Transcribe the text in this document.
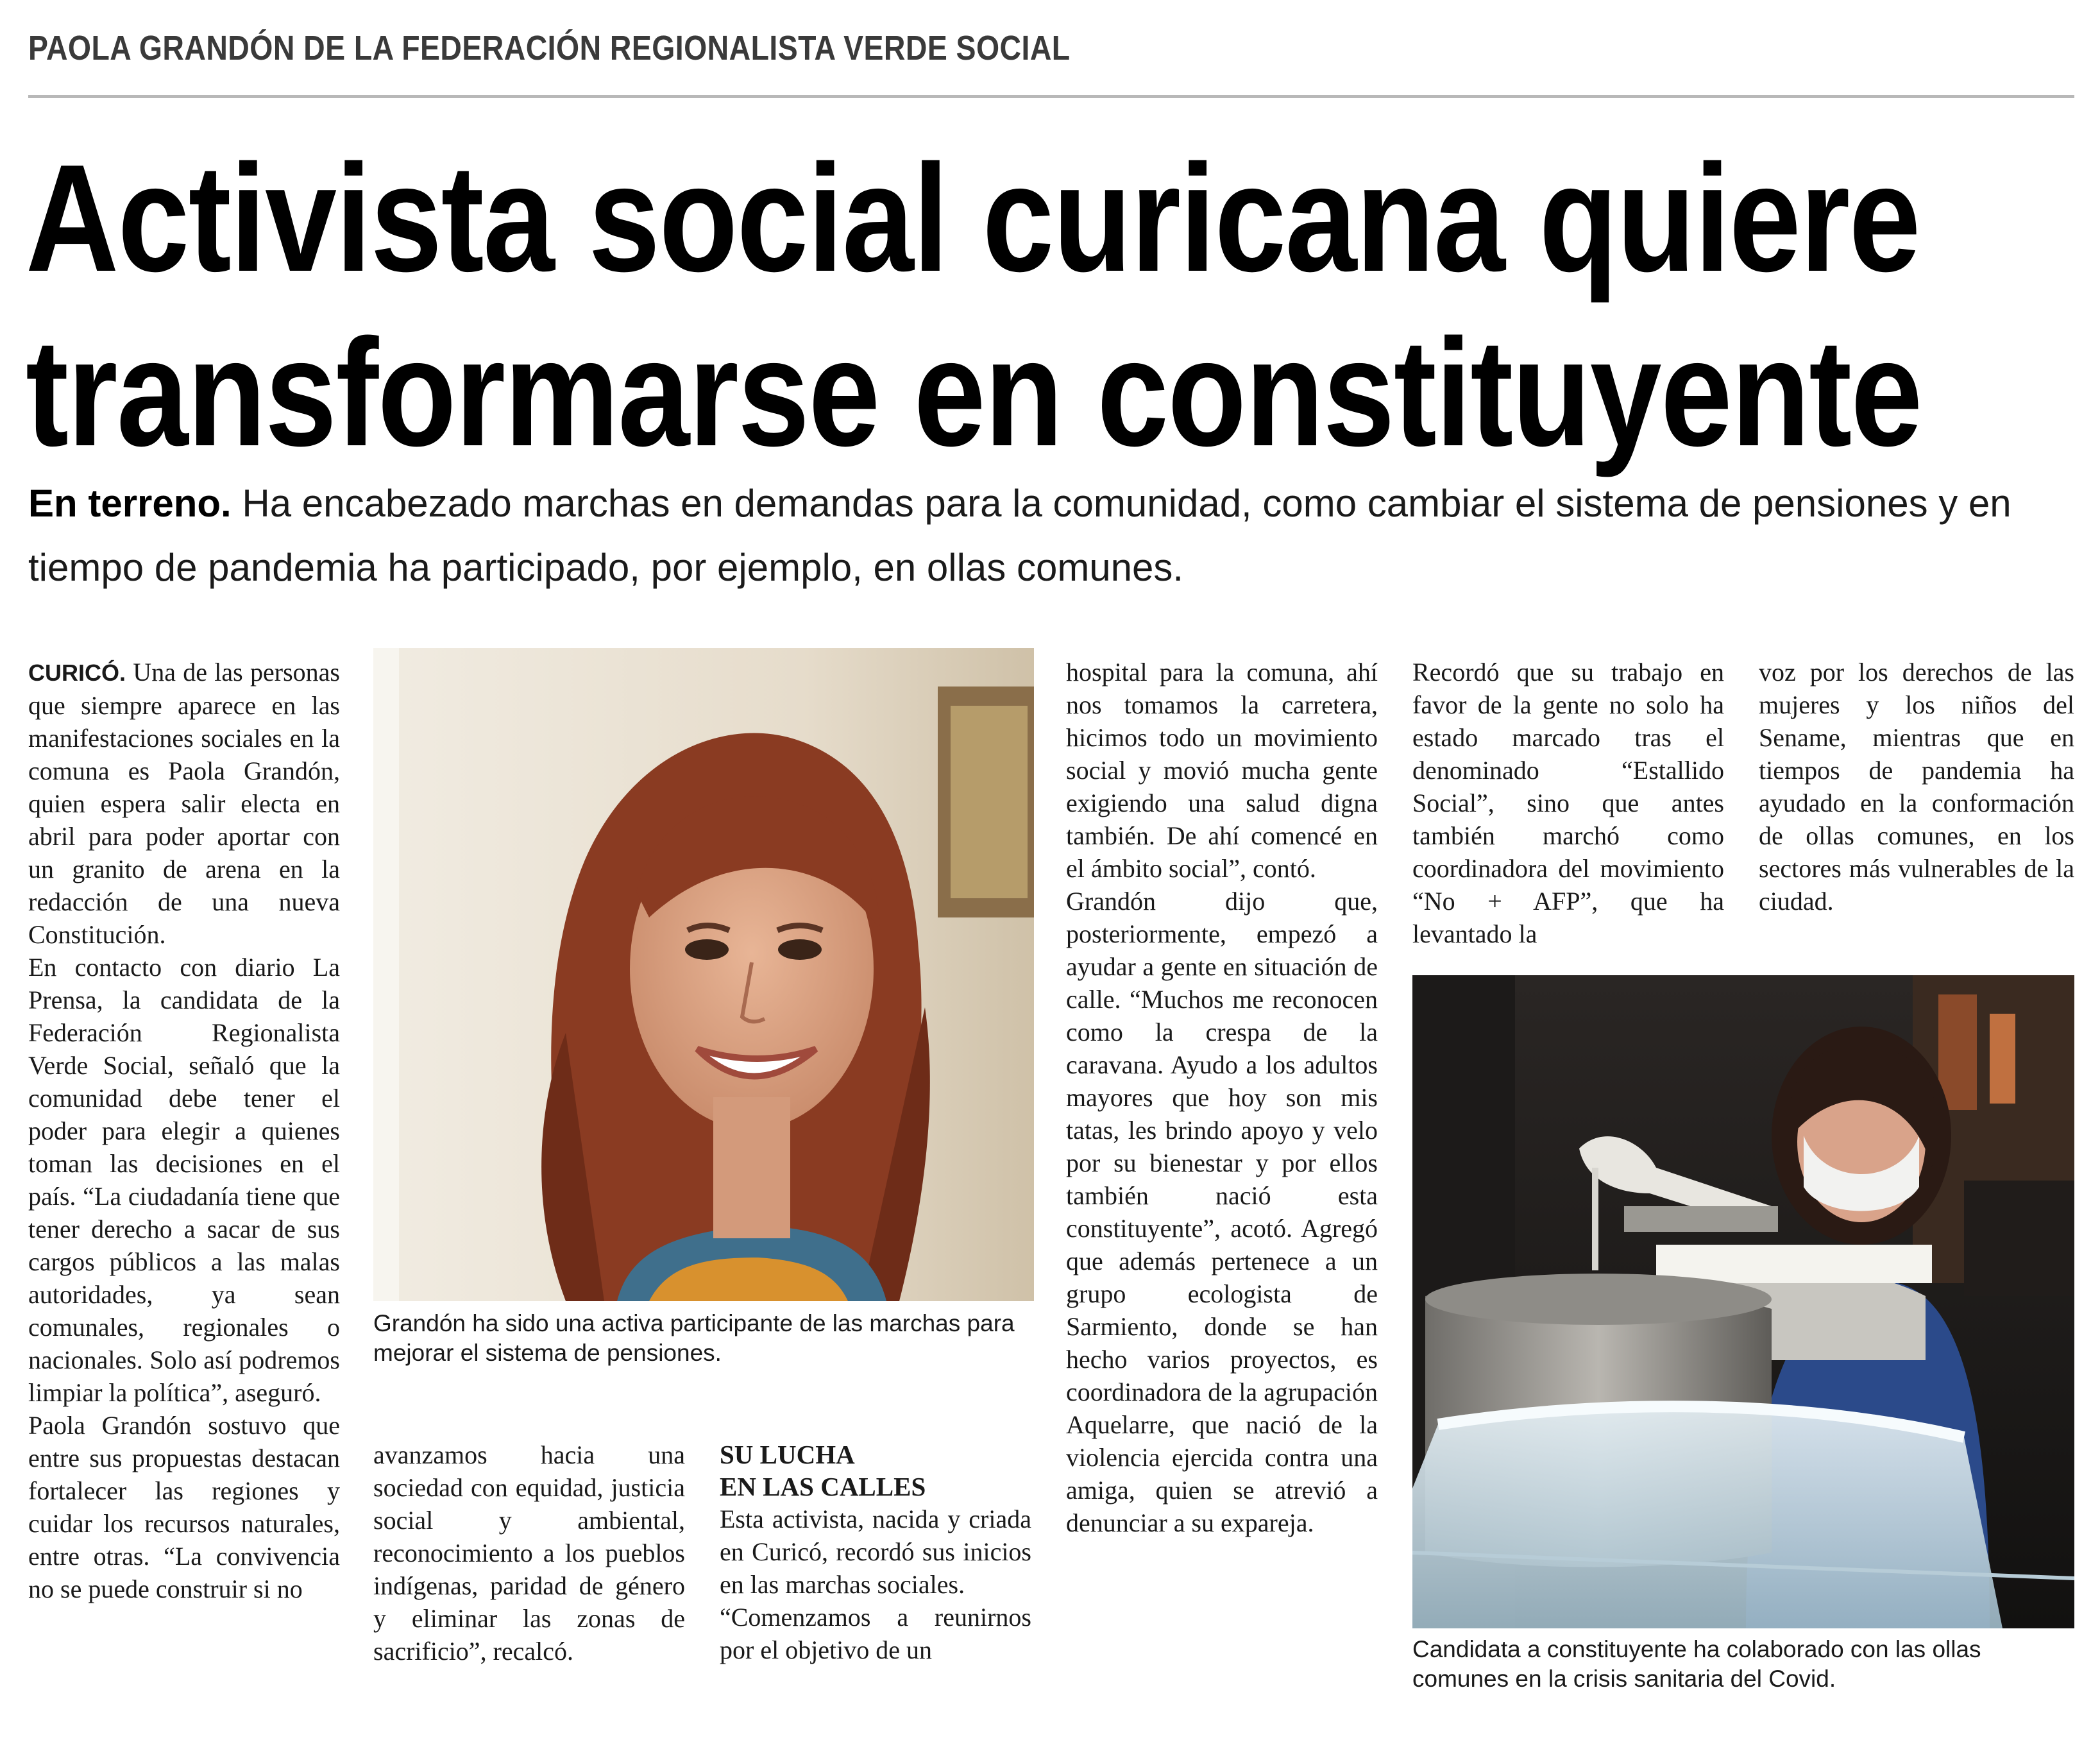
PAOLA GRANDÓN DE LA FEDERACIÓN REGIONALISTA VERDE SOCIAL
Activista social curicana quiere
transformarse en constituyente
En terreno. Ha encabezado marchas en demandas para la comunidad, como cambiar el sistema de pensiones y en tiempo de pandemia ha participado, por ejemplo, en ollas comunes.

CURICÓ. Una de las personas que siempre aparece en las manifestaciones sociales en la comuna es Paola Grandón, quien espera salir electa en abril para poder aportar con un granito de arena en la redacción de una nueva Constitución.

En contacto con diario La Prensa, la candidata de la Federación Regionalista Verde Social, señaló que la comunidad debe tener el poder para elegir a quienes toman las decisiones en el país. “La ciudadanía tiene que tener derecho a sacar de sus cargos públicos a las malas autoridades, ya sean comunales, regionales o nacionales. Solo así podremos limpiar la política”, aseguró.

Paola Grandón sostuvo que entre sus propuestas destacan fortalecer las regiones y cuidar los recursos naturales, entre otras. “La convivencia no se puede construir si no

Grandón ha sido una activa participante de las marchas para mejorar el sistema de pensiones.

avanzamos hacia una sociedad con equidad, justicia social y ambiental, reconocimiento a los pueblos indígenas, paridad de género y eliminar las zonas de sacrificio”, recalcó.

SU LUCHA
EN LAS CALLES

Esta activista, nacida y criada en Curicó, recordó sus inicios en las marchas sociales.

“Comenzamos a reunirnos por el objetivo de un

hospital para la comuna, ahí nos tomamos la carretera, hicimos todo un movimiento social y movió mucha gente exigiendo una salud digna también. De ahí comencé en el ámbito social”, contó.

Grandón dijo que, posteriormente, empezó a ayudar a gente en situación de calle. “Muchos me reconocen como la crespa de la caravana. Ayudo a los adultos mayores que hoy son mis tatas, les brindo apoyo y velo por su bienestar y por ellos también nació esta constituyente”, acotó. Agregó que además pertenece a un grupo ecologista de Sarmiento, donde se han hecho varios proyectos, es coordinadora de la agrupación Aquelarre, que nació de la violencia ejercida contra una amiga, quien se atrevió a denunciar a su expareja.

Recordó que su trabajo en favor de la gente no solo ha estado marcado tras el denominado “Estallido Social”, sino que antes también marchó como coordinadora del movimiento “No + AFP”, que ha levantado la

voz por los derechos de las mujeres y los niños del Sename, mientras que en tiempos de pandemia ha ayudado en la conformación de ollas comunes, en los sectores más vulnerables de la ciudad.

Candidata a constituyente ha colaborado con las ollas comunes en la crisis sanitaria del Covid.
